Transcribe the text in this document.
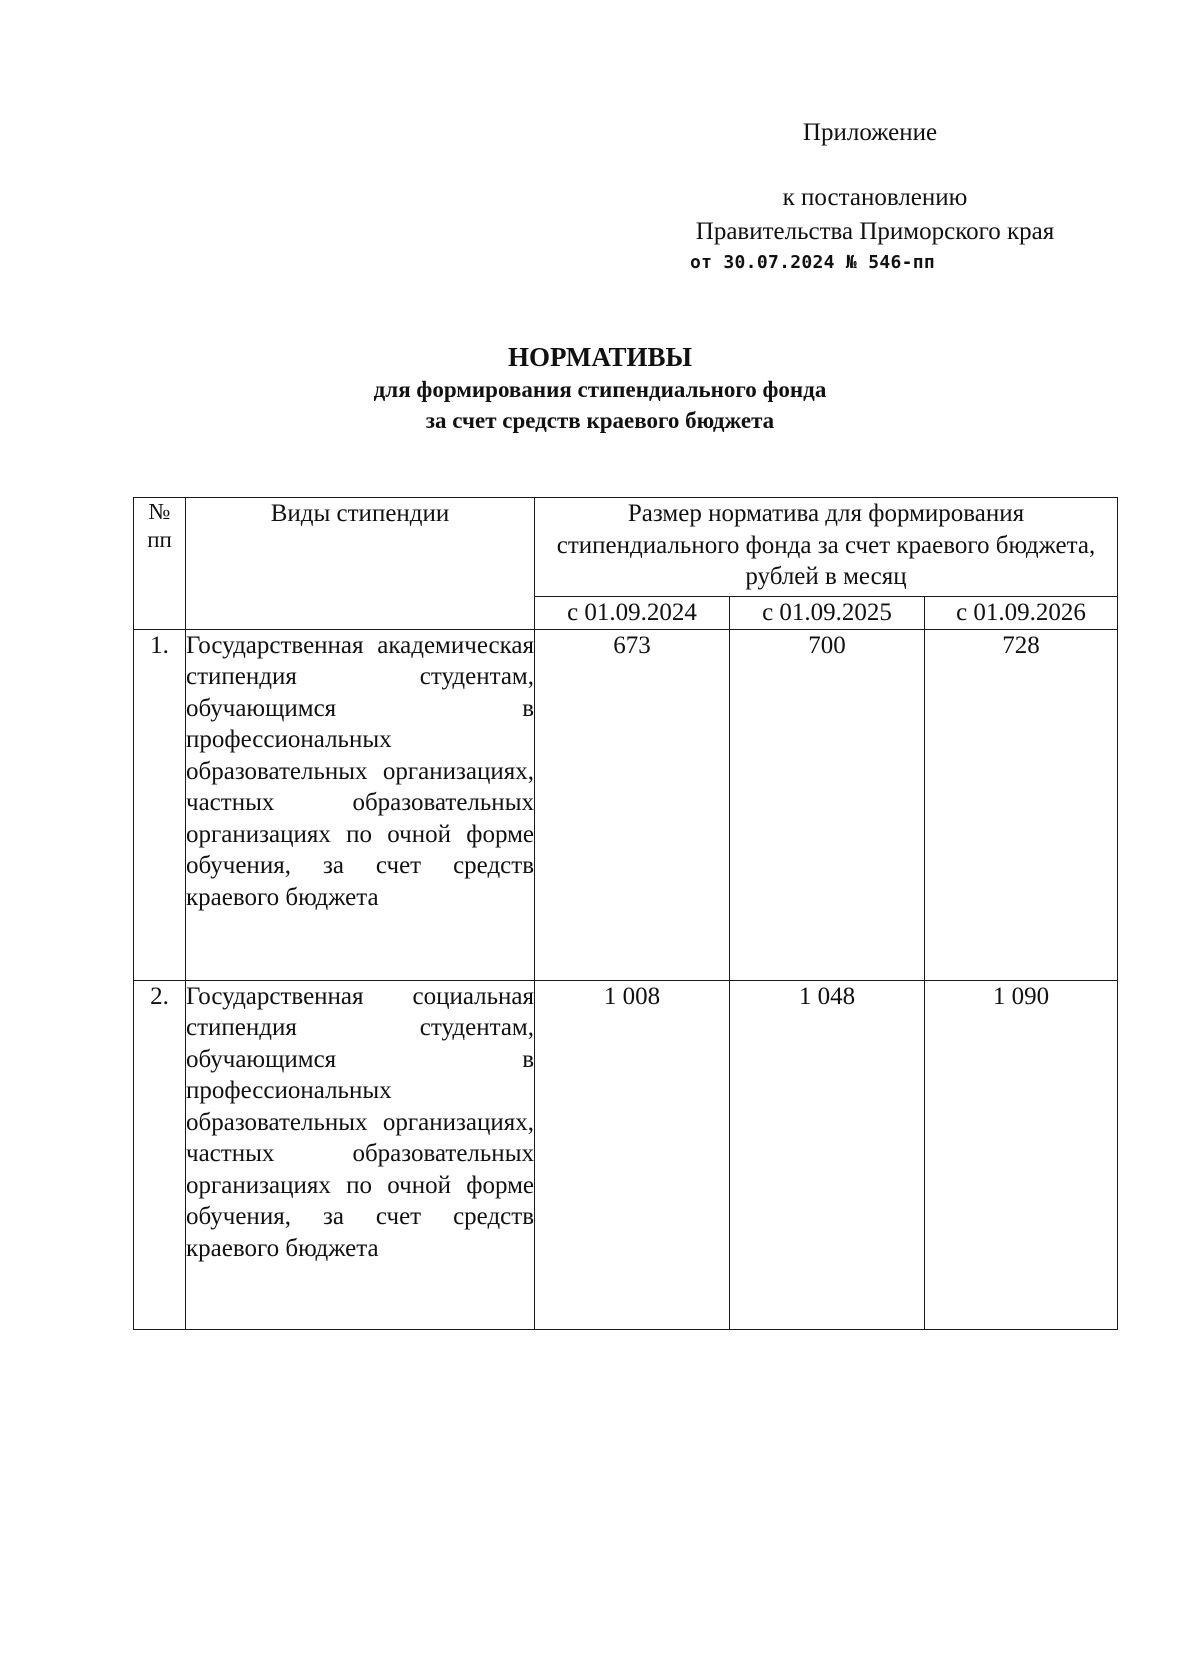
Приложение
к постановлению
Правительства Приморского края
от 30.07.2024 № 546-пп
НОРМАТИВЫ
для формирования стипендиального фонда
за счет средств краевого бюджета
№ пп	Виды стипендии	Размер норматива для формирования стипендиального фонда за счет краевого бюджета, рублей в месяц		
		с 01.09.2024	с 01.09.2025	с 01.09.2026
1.	Государственная академическая стипендия студентам, обучающимся в профессиональных образовательных организациях, частных образовательных организациях по очной форме обучения, за счет средств краевого бюджета	673	700	728
2.	Государственная социальная стипендия студентам, обучающимся в профессиональных образовательных организациях, частных образовательных организациях по очной форме обучения, за счет средств краевого бюджета	1 008	1 048	1 090
